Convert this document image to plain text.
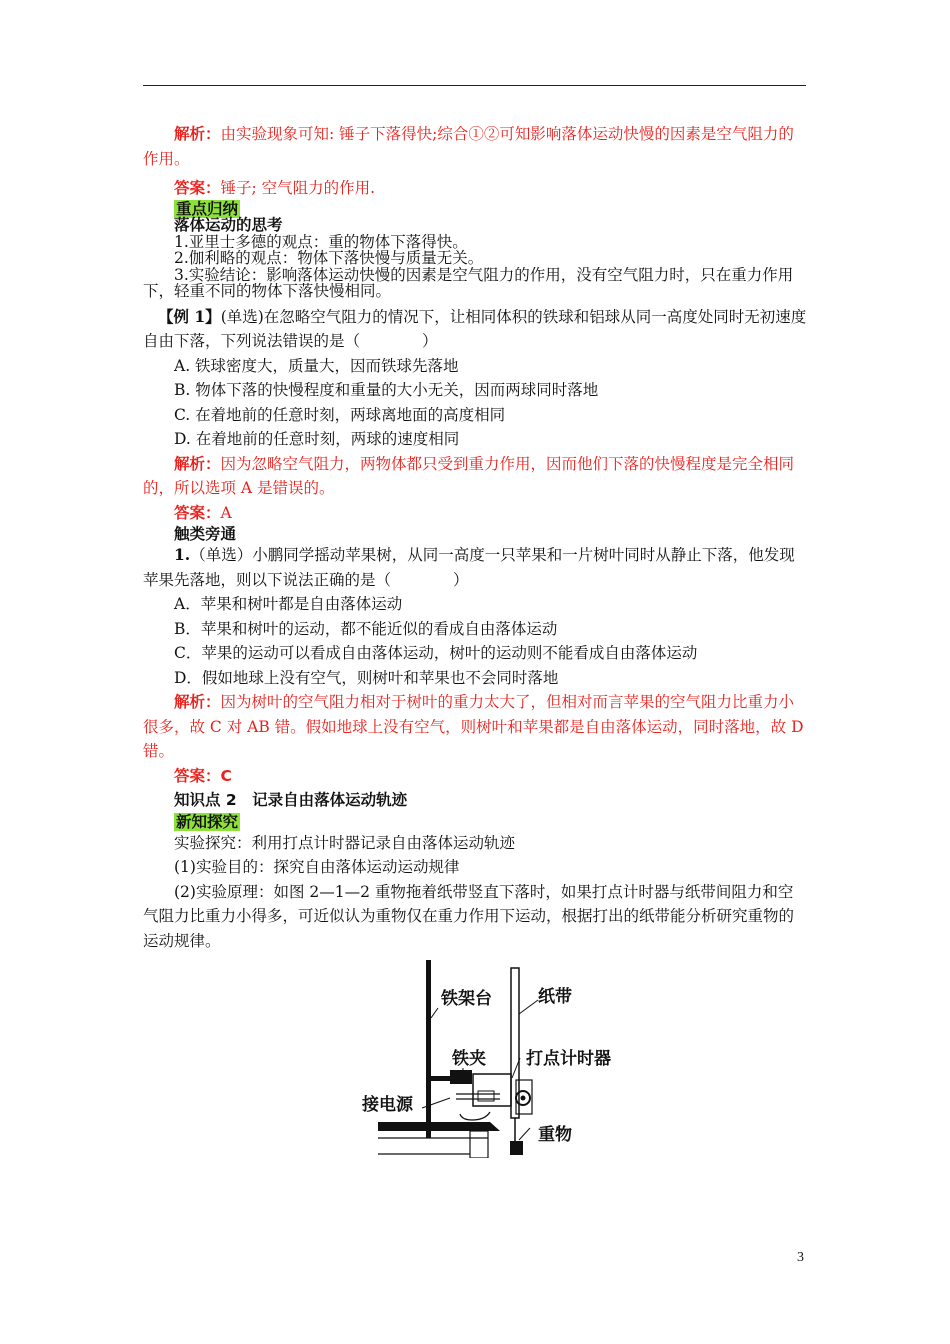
解析：由实验现象可知: 锤子下落得快;综合①②可知影响落体运动快慢的因素是空气阻力的作用。

答案：锤子; 空气阻力的作用.

重点归纳

落体运动的思考

1.亚里士多德的观点：重的物体下落得快。

2.伽利略的观点：物体下落快慢与质量无关。

3.实验结论：影响落体运动快慢的因素是空气阻力的作用，没有空气阻力时，只在重力作用下，轻重不同的物体下落快慢相同。

【例 1】(单选)在忽略空气阻力的情况下，让相同体积的铁球和铝球从同一高度处同时无初速度自由下落，下列说法错误的是（　　　　）

A. 铁球密度大，质量大，因而铁球先落地

B. 物体下落的快慢程度和重量的大小无关，因而两球同时落地

C. 在着地前的任意时刻，两球离地面的高度相同

D. 在着地前的任意时刻，两球的速度相同

解析：因为忽略空气阻力，两物体都只受到重力作用，因而他们下落的快慢程度是完全相同的，所以选项 A 是错误的。

答案：A

触类旁通

1.（单选）小鹏同学摇动苹果树，从同一高度一只苹果和一片树叶同时从静止下落，他发现苹果先落地，则以下说法正确的是（　　　　）

A．苹果和树叶都是自由落体运动

B．苹果和树叶的运动，都不能近似的看成自由落体运动

C．苹果的运动可以看成自由落体运动，树叶的运动则不能看成自由落体运动

D．假如地球上没有空气，则树叶和苹果也不会同时落地

解析：因为树叶的空气阻力相对于树叶的重力太大了，但相对而言苹果的空气阻力比重力小很多，故 C 对 AB 错。假如地球上没有空气，则树叶和苹果都是自由落体运动，同时落地，故 D 错。

答案：C

知识点 2　记录自由落体运动轨迹

新知探究

实验探究：利用打点计时器记录自由落体运动轨迹

(1)实验目的：探究自由落体运动运动规律

(2)实验原理：如图 2—1—2 重物拖着纸带竖直下落时，如果打点计时器与纸带间阻力和空气阻力比重力小得多，可近似认为重物仅在重力作用下运动，根据打出的纸带能分析研究重物的运动规律。

铁架台	纸带
铁夹 打点计时器
接电源
重物
3
